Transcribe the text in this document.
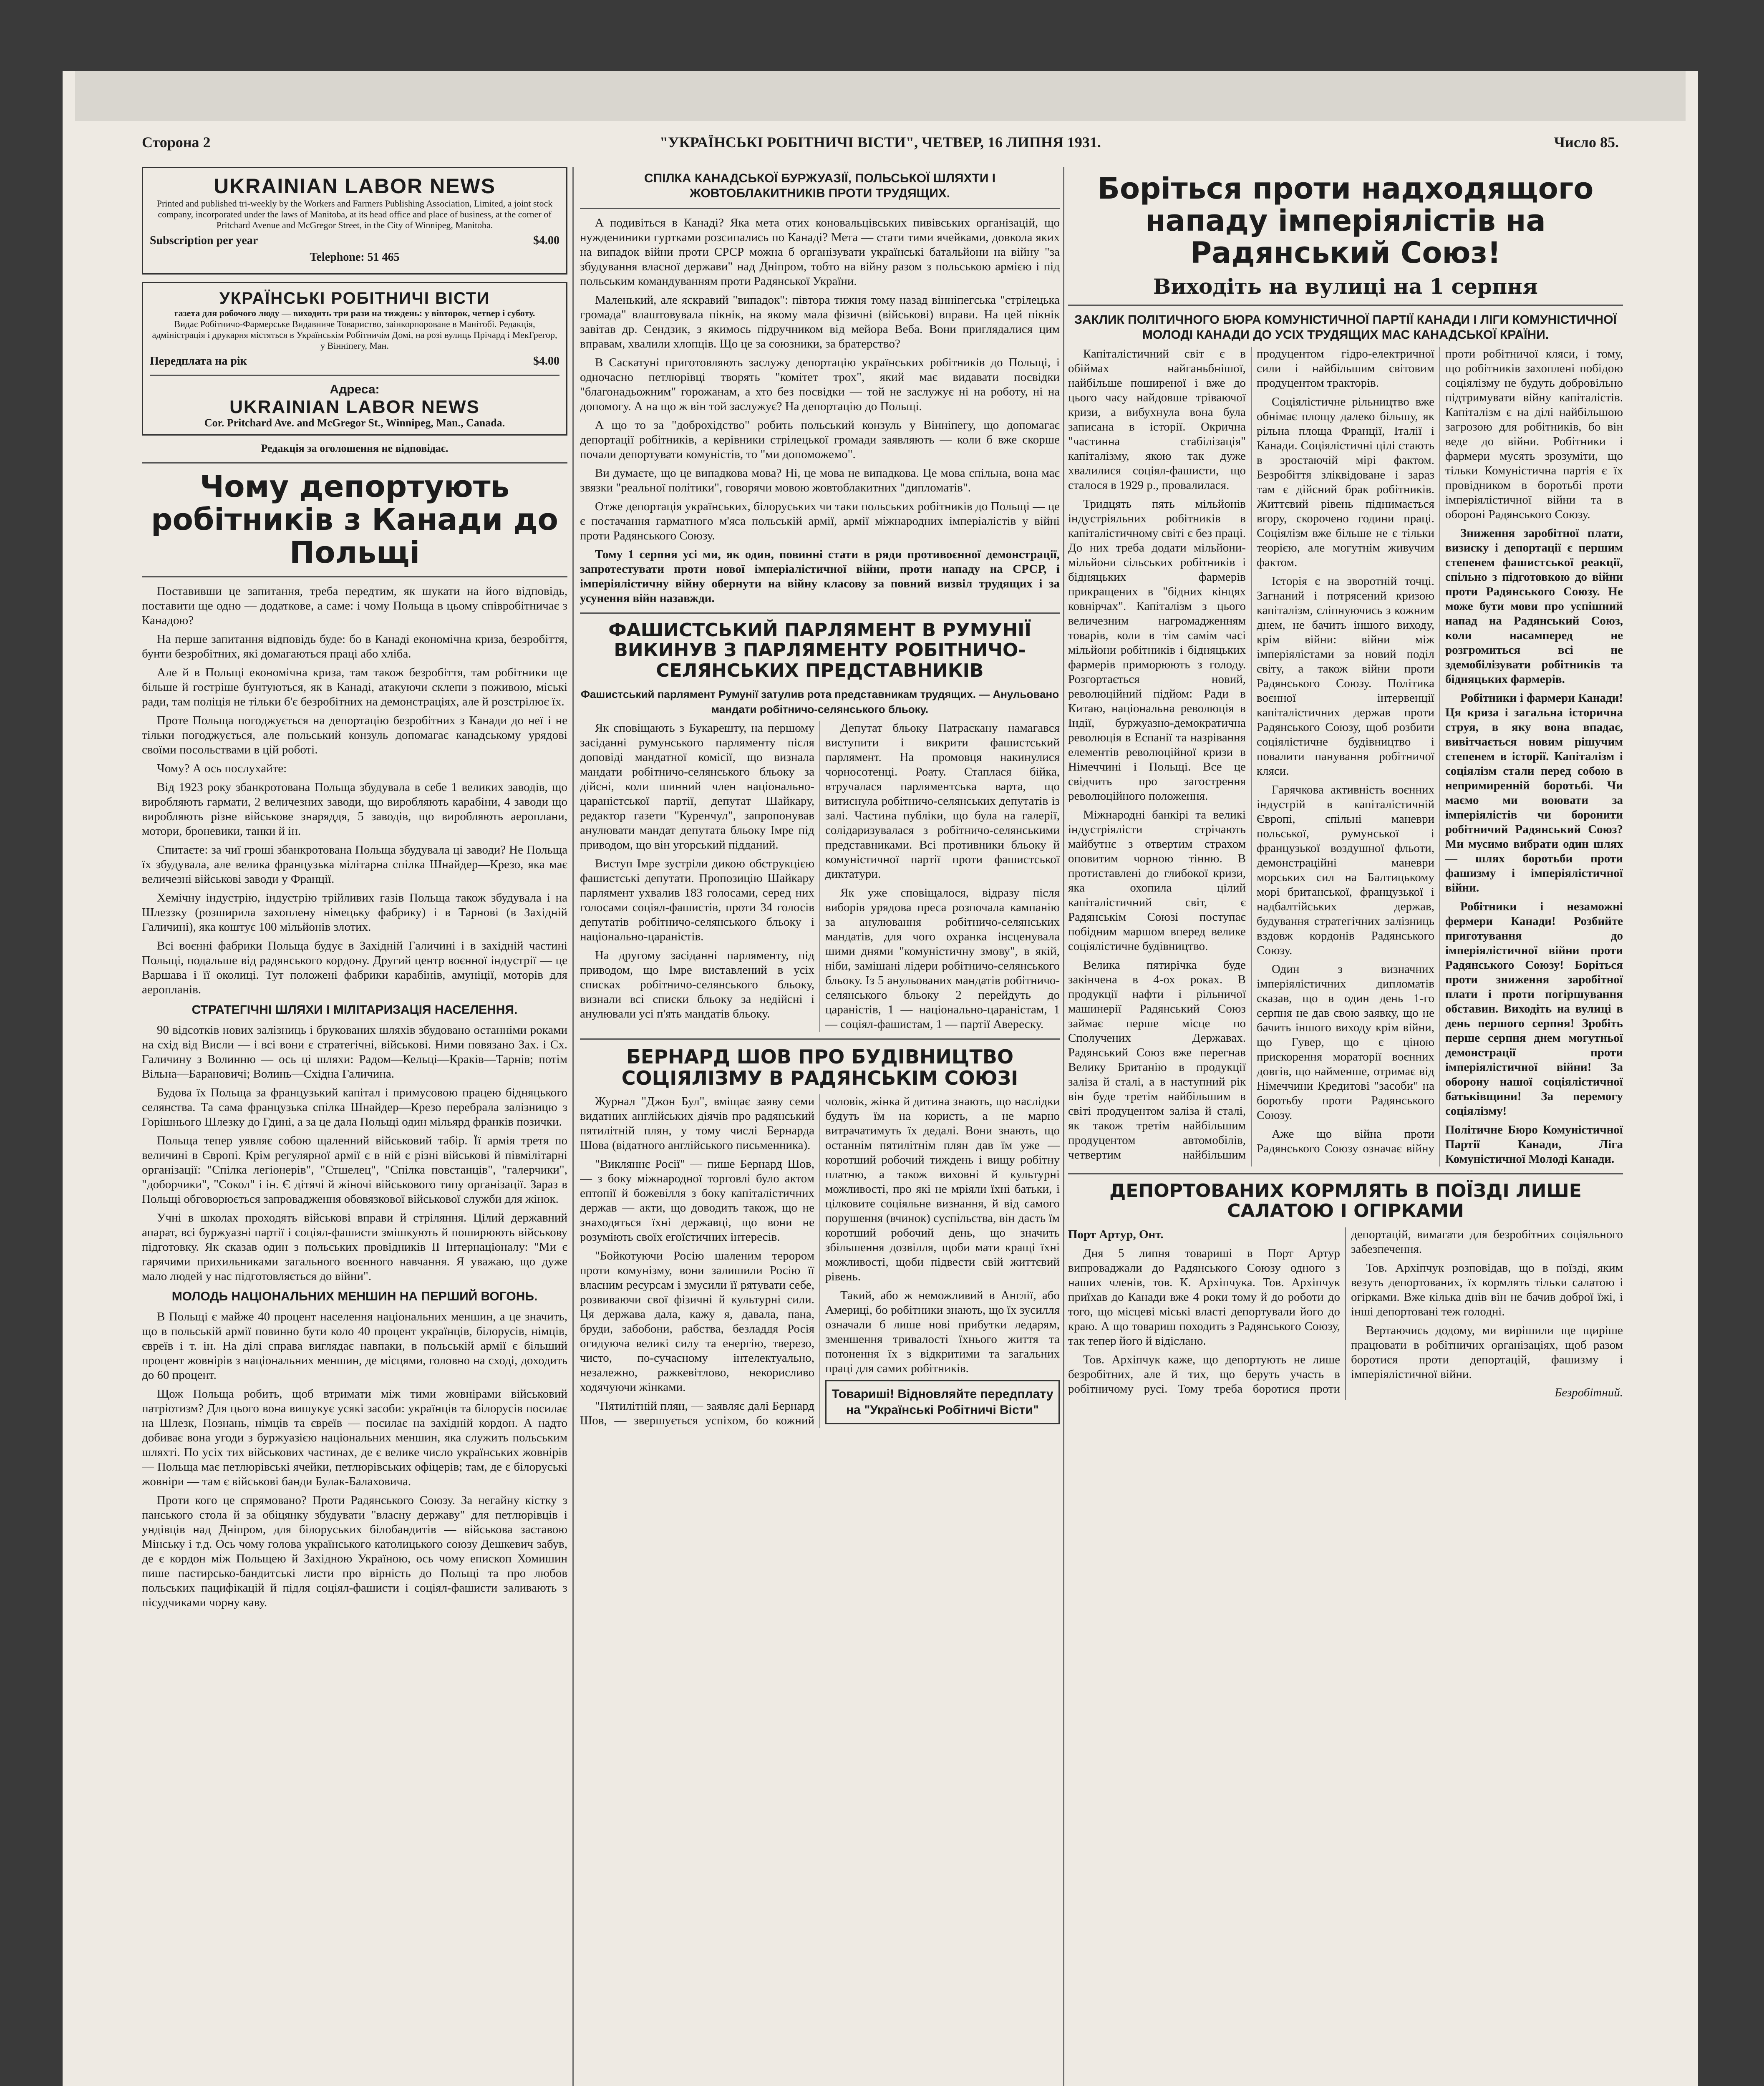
Сторона 2	"УКРАЇНСЬКІ РОБІТНИЧІ ВІСТИ", ЧЕТВЕР, 16 ЛИПНЯ 1931.	Число 85.
UKRAINIAN LABOR NEWS
Printed and published tri-weekly by the Workers and Farmers Publishing Association, Limited, a joint stock company, incorporated under the laws of Manitoba, at its head office and place of business, at the corner of Pritchard Avenue and McGregor Street, in the City of Winnipeg, Manitoba.
Subscription per year	$4.00
Telephone: 51 465
УКРАЇНСЬКІ РОБІТНИЧІ ВІСТИ
газета для робочого люду — виходить три рази на тиждень: у вівторок, четвер і суботу.
Видає Робітничо-Фармерське Видавниче Товариство, заінкорпороване в Манітобі. Редакція, адміністрація і друкарня містяться в Українськім Робітничім Домі, на розі вулиць Прічард і МекГрегор, у Вінніпегу, Ман.
Передплата на рік	$4.00
Адреса:
UKRAINIAN LABOR NEWS
Cor. Pritchard Ave. and McGregor St., Winnipeg, Man., Canada.
Редакція за оголошення не відповідає.
Чому депортують робітників з Канади до Польщі

Поставивши це запитання, треба передтим, як шукати на його відповідь, поставити ще одно — додаткове, а саме: і чому Польща в цьому співробітничає з Канадою?

На перше запитання відповідь буде: бо в Канаді економічна криза, безробіття, бунти безробітних, які домагаються праці або хліба.

Але й в Польщі економічна криза, там також безробіття, там робітники ще більше й гостріше бунтуються, як в Канаді, атакуючи склепи з поживою, міські ради, там поліція не тільки б'є безробітних на демонстраціях, але й розстрілює їх.

Проте Польща погоджується на депортацію безробітних з Канади до неї і не тільки погоджується, але польський конзуль допомагає канадському урядові своїми посольствами в цій роботі.

Чому? А ось послухайте:

Від 1923 року збанкротована Польща збудувала в себе 1 великих заводів, що виробляють гармати, 2 величезних заводи, що виробляють карабіни, 4 заводи що виробляють різне військове знаряддя, 5 заводів, що виробляють аероплани, мотори, броневики, танки й ін.

Спитаєте: за чиї гроші збанкротована Польща збудувала ці заводи? Не Польща їх збудувала, але велика французька мілітарна спілка Шнайдер—Крезо, яка має величезні військові заводи у Франції.

Хемічну індустрію, індустрію трійливих газів Польща також збудувала і на Шлеззку (розширила захоплену німецьку фабрику) і в Тарнові (в Західній Галичині), яка коштує 100 мільйонів злотих.

Всі воєнні фабрики Польща будує в Західній Галичині і в західній частині Польщі, подальше від радянського кордону. Другий центр воєнної індустрії — це Варшава і її околиці. Тут положені фабрики карабінів, амуніції, моторів для аеропланів.

СТРАТЕГІЧНІ ШЛЯХИ І МІЛІТАРИЗАЦІЯ НАСЕЛЕННЯ.

90 відсотків нових залізниць і брукованих шляхів збудовано останніми роками на схід від Висли — і всі вони є стратегічні, військові. Ними повязано Зах. і Сх. Галичину з Волинню — ось ці шляхи: Радом—Кельці—Краків—Тарнів; потім Вільна—Барановичі; Волинь—Східна Галичина.

Будова їх Польща за французький капітал і примусовою працею бідняцького селянства. Та сама французька спілка Шнайдер—Крезо перебрала залізницю з Горішнього Шлезку до Гдині, а за це дала Польщі один мільярд франків позички.

Польща тепер уявляє собою щаленний військовий табір. Її армія третя по величині в Європі. Крім регулярної армії є в ній є різні військові й півмілітарні організації: "Спілка легіонерів", "Стшелец", "Спілка повстанців", "галерчики", "доборчики", "Сокол" і ін. Є дітячі й жіночі військового типу організації. Зараз в Польщі обговорюється запровадження обовязкової військової служби для жінок.

Учні в школах проходять військові вправи й стріляння. Цілий державний апарат, всі буржуазні партії і соціял-фашисти змішкують й поширюють військову підготовку. Як сказав один з польських провідників ІІ Інтернаціоналу: "Ми є гарячими прихильниками загального воєнного навчання. Я уважаю, що дуже мало людей у нас підготовляється до війни".

МОЛОДЬ НАЦІОНАЛЬНИХ МЕНШИН НА ПЕРШИЙ ВОГОНЬ.

В Польщі є майже 40 процент населення національних меншин, а це значить, що в польській армії повинно бути коло 40 процент українців, білорусів, німців, євреїв і т. ін. На ділі справа виглядає навпаки, в польській армії є більший процент жовнірів з національних меншин, де місцями, головно на сході, доходить до 60 процент.

Щож Польща робить, щоб втримати між тими жовнірами військовий патріотизм? Для цього вона вишукує усякі засоби: українців та білорусів посилає на Шлезк, Познань, німців та євреїв — посилає на західній кордон. А надто добиває вона угоди з буржуазією національних меншин, яка служить польським шляхті. По усіх тих військових частинах, де є велике число українських жовнірів — Польща має петлюрівські ячейки, петлюрівських офіцерів; там, де є білоруські жовніри — там є військові банди Булак-Балаховича.

Проти кого це спрямовано? Проти Радянського Союзу. За негайну кістку з панського стола й за обіцянку збудувати "власну державу" для петлюрівців і ундівців над Дніпром, для білоруських білобандитів — військова заставою Мінську і т.д. Ось чому голова українського католицького союзу Дешкевич забув, де є кордон між Польщею й Західною Україною, ось чому епископ Хомишин пише пастирсько-бандитські листи про вірність до Польщі та про любов польських пацифікацій й підля соціял-фашисти і соціял-фашисти заливають з пісудчиками чорну каву.

СПІЛКА КАНАДСЬКОЇ БУРЖУАЗІЇ, ПОЛЬСЬКОЇ ШЛЯХТИ І ЖОВТОБЛАКИТНИКІВ ПРОТИ ТРУДЯЩИХ.

А подивіться в Канаді? Яка мета отих коновальцівських пивівських організацій, що нуждениники гуртками розсипались по Канаді? Мета — стати тими ячейками, довкола яких на випадок війни проти СРСР можна б організувати українські батальйони на війну "за збудування власної держави" над Дніпром, тобто на війну разом з польською армією і під польським командуванням проти Радянської України.

Маленький, але яскравий "випадок": півтора тижня тому назад вінніпегська "стрілецька громада" влаштовувала пікнік, на якому мала фізичні (військові) вправи. На цей пікнік завітав др. Сендзик, з якимось підручником від мейора Веба. Вони приглядалися цим вправам, хвалили хлопців. Що це за союзники, за братерство?

В Саскатуні приготовляють заслужу депортацію українських робітників до Польщі, і одночасно петлюрівці творять "комітет трох", який має видавати посвідки "благонадьожним" горожанам, а хто без посвідки — той не заслужує ні на роботу, ні на допомогу. А на що ж він той заслужує? На депортацію до Польщі.

А що то за "доброхідство" робить польський конзуль у Вінніпегу, що допомагає депортації робітників, а керівники стрілецької громади заявляють — коли б вже скорше почали депортувати комуністів, то "ми допоможемо".

Ви думаєте, що це випадкова мова? Ні, це мова не випадкова. Це мова спільна, вона має звязки "реальної політики", говорячи мовою жовтоблакитних "дипломатів".

Отже депортація українських, білоруських чи таки польських робітників до Польщі — це є постачання гарматного м'яса польській армії, армії міжнародних імперіалістів у війні проти Радянського Союзу.

Тому 1 серпня усі ми, як один, повинні стати в ряди противоєнної демонстрації, запротестувати проти нової імперіалістичної війни, проти нападу на СРСР, і імперіялістичну війну обернути на війну класову за повний визвіл трудящих і за усунення війн назавжди.

ФАШИСТСЬКИЙ ПАРЛЯМЕНТ В РУМУНІЇ ВИКИНУВ З ПАРЛЯМЕНТУ РОБІТНИЧО-СЕЛЯНСЬКИХ ПРЕДСТАВНИКІВ
Фашистський парлямент Румунії затулив рота представникам трудящих. — Анульовано мандати робітничо-селянського бльоку.

Як сповіщають з Букарешту, на першому засіданні румунського парляменту після доповіді мандатної комісії, що визнала мандати робітничо-селянського бльоку за дійсні, коли шинний член національно-цараністської партії, депутат Шайкару, редактор газети "Куренчул", запропонував анулювати мандат депутата бльоку Імре під приводом, що він угорський підданий.

Виступ Імре зустріли дикою обструкцією фашистські депутати. Пропозицію Шайкару парлямент ухвалив 183 голосами, серед них голосами соціял-фашистів, проти 34 голосів депутатів робітничо-селянського бльоку і національно-цараністів.

На другому засіданні парляменту, під приводом, що Імре виставлений в усіх списках робітничо-селянського бльоку, визнали всі списки бльоку за недійсні і анулювали усі п'ять мандатів бльоку.

Депутат бльоку Патраскану намагався виступити і викрити фашистський парлямент. На промовця накинулися чорносотенці. Роату. Стаплася бійка, втручалася парляментська варта, що витиснула робітничо-селянських депутатів із залі. Частина публіки, що була на галерії, солідаризувалася з робітничо-селянськими представниками. Всі противники бльоку й комуністичної партії проти фашистської диктатури.

Як уже сповіщалося, відразу після виборів урядова преса розпочала кампанію за анулювання робітничо-селянських мандатів, для чого охранка інсценувала шими днями "комуністичну змову", в якій, ніби, замішані лідери робітничо-селянського бльоку. Із 5 анульованих мандатів робітничо-селянського бльоку 2 перейдуть до цараністів, 1 — національно-цараністам, 1 — соціял-фашистам, 1 — партії Авереску.

БЕРНАРД ШОВ ПРО БУДІВНИЦТВО СОЦІЯЛІЗМУ В РАДЯНСЬКІМ СОЮЗІ

Журнал "Джон Бул", вміщає заяву семи видатних англійських діячів про радянський пятилітній плян, у тому числі Бернарда Шова (відатного англійського письменника).

"Викляннє Росії" — пише Бернард Шов, — з боку міжнародної торговлі було актом ептопії й божевілля з боку капіталістичних держав — акти, що доводить також, що не знаходяться їхні державці, що вони не розуміють своїх егоїстичних інтересів.

"Бойкотуючи Росію шаленим терором проти комунізму, вони залишили Росію її власним ресурсам і змусили її рятувати себе, розвиваючи свої фізичні й культурні сили. Ця держава дала, кажу я, давала, пана, бруди, забобони, рабства, безладдя Росія огидуюча великі силу та енергію, тверезо, чисто, по-сучасному інтелектуально, незалежно, ражкевітлово, некорисливо ходячуючи жінками.

"Пятилітній плян, — заявляє далі Бернард Шов, — звершується успіхом, бо кожний чоловік, жінка й дитина знають, що наслідки будуть їм на користь, а не марно витрачатимуть їх дедалі. Вони знають, що останнім пятилітнім плян дав їм уже — коротший робочий тиждень і вищу робітну платню, а також виховні й культурні можливості, про які не мріяли їхні батьки, і цілковите соціяльне визнання, й від самого порушення (вчинок) суспільства, він дасть їм коротший робочий день, що значить збільшення дозвілля, щоби мати кращі їхні можливості, щоби підвести свій життєвий рівень.

Такий, або ж неможливий в Англії, або Америці, бо робітники знають, що їх зусилля означали б лише нові прибутки ледарям, зменшення тривалості їхнього життя та потонення їх з відкритими та загальних праці для самих робітників.

Товариші! Відновляйте передплату на "Українські Робітничі Вісти"
Боріться проти надходящого нападу імперіялістів на Радянський Союз!
Виходіть на вулиці на 1 серпня
ЗАКЛИК ПОЛІТИЧНОГО БЮРА КОМУНІСТИЧНОЇ ПАРТІЇ КАНАДИ І ЛІГИ КОМУНІСТИЧНОЇ МОЛОДІ КАНАДИ ДО УСІХ ТРУДЯЩИХ МАС КАНАДСЬКОЇ КРАЇНИ.

Капіталістичний світ є в обіймах найганьбнішої, найбільше поширеної і вже до цього часу найдовше тріваючої кризи, а вибухнула вона була записана в історії. Окрична "частинна стабілізація" капіталізму, якою так дуже хвалилися соціял-фашисти, що сталося в 1929 р., провалилася.

Тридцять пять мільйонів індустріяльних робітників в капіталістичному світі є без праці. До них треба додати мільйони-мільйони сільських робітників і бідняцьких фармерів прикращених в "бідних кінцях ковнірчах". Капіталізм з цього величезним нагромадженням товарів, коли в тім самім часі мільйони робітників і бідняцьких фармерів приморюють з голоду. Розгортається новий, революційний підйом: Ради в Китаю, національна революція в Індії, буржуазно-демократична революція в Еспанії та назрівання елементів революційної кризи в Німеччині і Польщі. Все це свідчить про загострення революційного положення.

Міжнародні банкірі та великі індустріялісти стрічають майбутнє з отвертим страхом оповитим чорною тінню. В протиставлені до глибокої кризи, яка охопила цілий капіталістичний світ, є Радянськім Союзі поступає побідним маршом вперед велике соціялістичне будівництво.

Велика пятирічка буде закінчена в 4-ох роках. В продукції нафти і рільничої машинерії Радянський Союз займає перше місце по Сполучених Державах. Радянський Союз вже перегнав Велику Британію в продукції заліза й сталі, а в наступний рік він буде третім найбільшим в світі продуцентом заліза й сталі, як також третім найбільшим продуцентом автомобілів, четвертим найбільшим продуцентом гідро-електричної сили і найбільшим світовим продуцентом тракторів.

Соціялістичне рільництво вже обнімає площу далеко більшу, як рільна площа Франції, Італії і Канади. Соціялістичні цілі стають в зростаючій мірі фактом. Безробіття зліквідоване і зараз там є дійсний брак робітників. Життєвий рівень піднимається вгору, скорочено години праці. Соціялізм вже більше не є тільки теорією, але могутнім живучим фактом.

Історія є на зворотній точці. Загнаний і потрясений кризою капіталізм, сліпнуючись з кожним днем, не бачить іншого виходу, крім війни: війни між імперіялістами за новий поділ світу, а також війни проти Радянського Союзу. Політика воєнної інтервенції капіталістичних держав проти Радянського Союзу, щоб розбити соціялістичне будівництво і повалити панування робітничої кляси.

Гарячкова активність воєнних індустрій в капіталістичній Європі, спільні маневри польської, румунської і французької воздушної фльоти, демонстраційні маневри морських сил на Балтицькому морі британської, французької і надбалтійських держав, будування стратегічних залізниць вздовж кордонів Радянського Союзу.

Один з визначних імперіялістичних дипломатів сказав, що в один день 1-го серпня не дав свою заявку, що не бачить іншого виходу крім війни, що Гувер, що є ціною прискорення мораторії воєнних довгів, що найменше, отримає від Німеччини Кредитові "засоби" на боротьбу проти Радянського Союзу.

Аже що війна проти Радянського Союзу означає війну проти робітничої кляси, і тому, що робітників захоплені побідою соціялізму не будуть добровільно підтримувати війну капіталістів. Капіталізм є на ділі найбільшою загрозою для робітників, бо він веде до війни. Робітники і фармери мусять зрозуміти, що тільки Комуністична партія є їх провідником в боротьбі проти імперіялістичної війни та в обороні Радянського Союзу.

Зниження заробітної плати, визиску і депортації є першим степенем фашистської реакції, спільно з підготовкою до війни проти Радянського Союзу. Не може бути мови про успішний напад на Радянський Союз, коли насамперед не розгромиться всі не здемобілізувати робітників та бідняцьких фармерів.

Робітники і фармери Канади! Ця криза і загальна історична струя, в яку вона впадає, вивітчається новим рішучим степенем в історії. Капіталізм і соціялізм стали перед собою в непримиренній боротьбі. Чи маємо ми воювати за імперіялістів чи боронити робітничий Радянський Союз? Ми мусимо вибрати один шлях — шлях боротьби проти фашизму і імперіялістичної війни.

Робітники і незаможні фермери Канади! Розбийте приготування до імперіялістичної війни проти Радянського Союзу! Боріться проти зниження заробітної плати і проти погіршування обставин. Виходіть на вулиці в день першого серпня! Зробіть перше серпня днем могутньої демонстрації проти імперіялістичної війни! За оборону нашої соціялістичної батьківщини! За перемогу соціялізму!

Політичне Бюро Комуністичної Партії Канади, Ліга Комуністичної Молоді Канади.

ДЕПОРТОВАНИХ КОРМЛЯТЬ В ПОЇЗДІ ЛИШЕ САЛАТОЮ І ОГІРКАМИ

Порт Артур, Онт.

Дня 5 липня товариші в Порт Артур випроваджали до Радянського Союзу одного з наших членів, тов. К. Архіпчука. Тов. Архіпчук приїхав до Канади вже 4 роки тому й до роботи до того, що місцеві міські власті депортували його до краю. А що товариш походить з Радянського Союзу, так тепер його й відіслано.

Тов. Архіпчук каже, що депортують не лише безробітних, але й тих, що беруть участь в робітничому русі. Тому треба боротися проти депортацій, вимагати для безробітних соціяльного забезпечення.

Тов. Архіпчук розповідав, що в поїзді, яким везуть депортованих, їх кормлять тільки салатою і огірками. Вже кілька днів він не бачив доброї їжі, і інші депортовані теж голодні.

Вертаючись додому, ми вирішили ще щиріше працювати в робітничих організаціях, щоб разом боротися проти депортацій, фашизму і імперіялістичної війни.

Безробітний.
